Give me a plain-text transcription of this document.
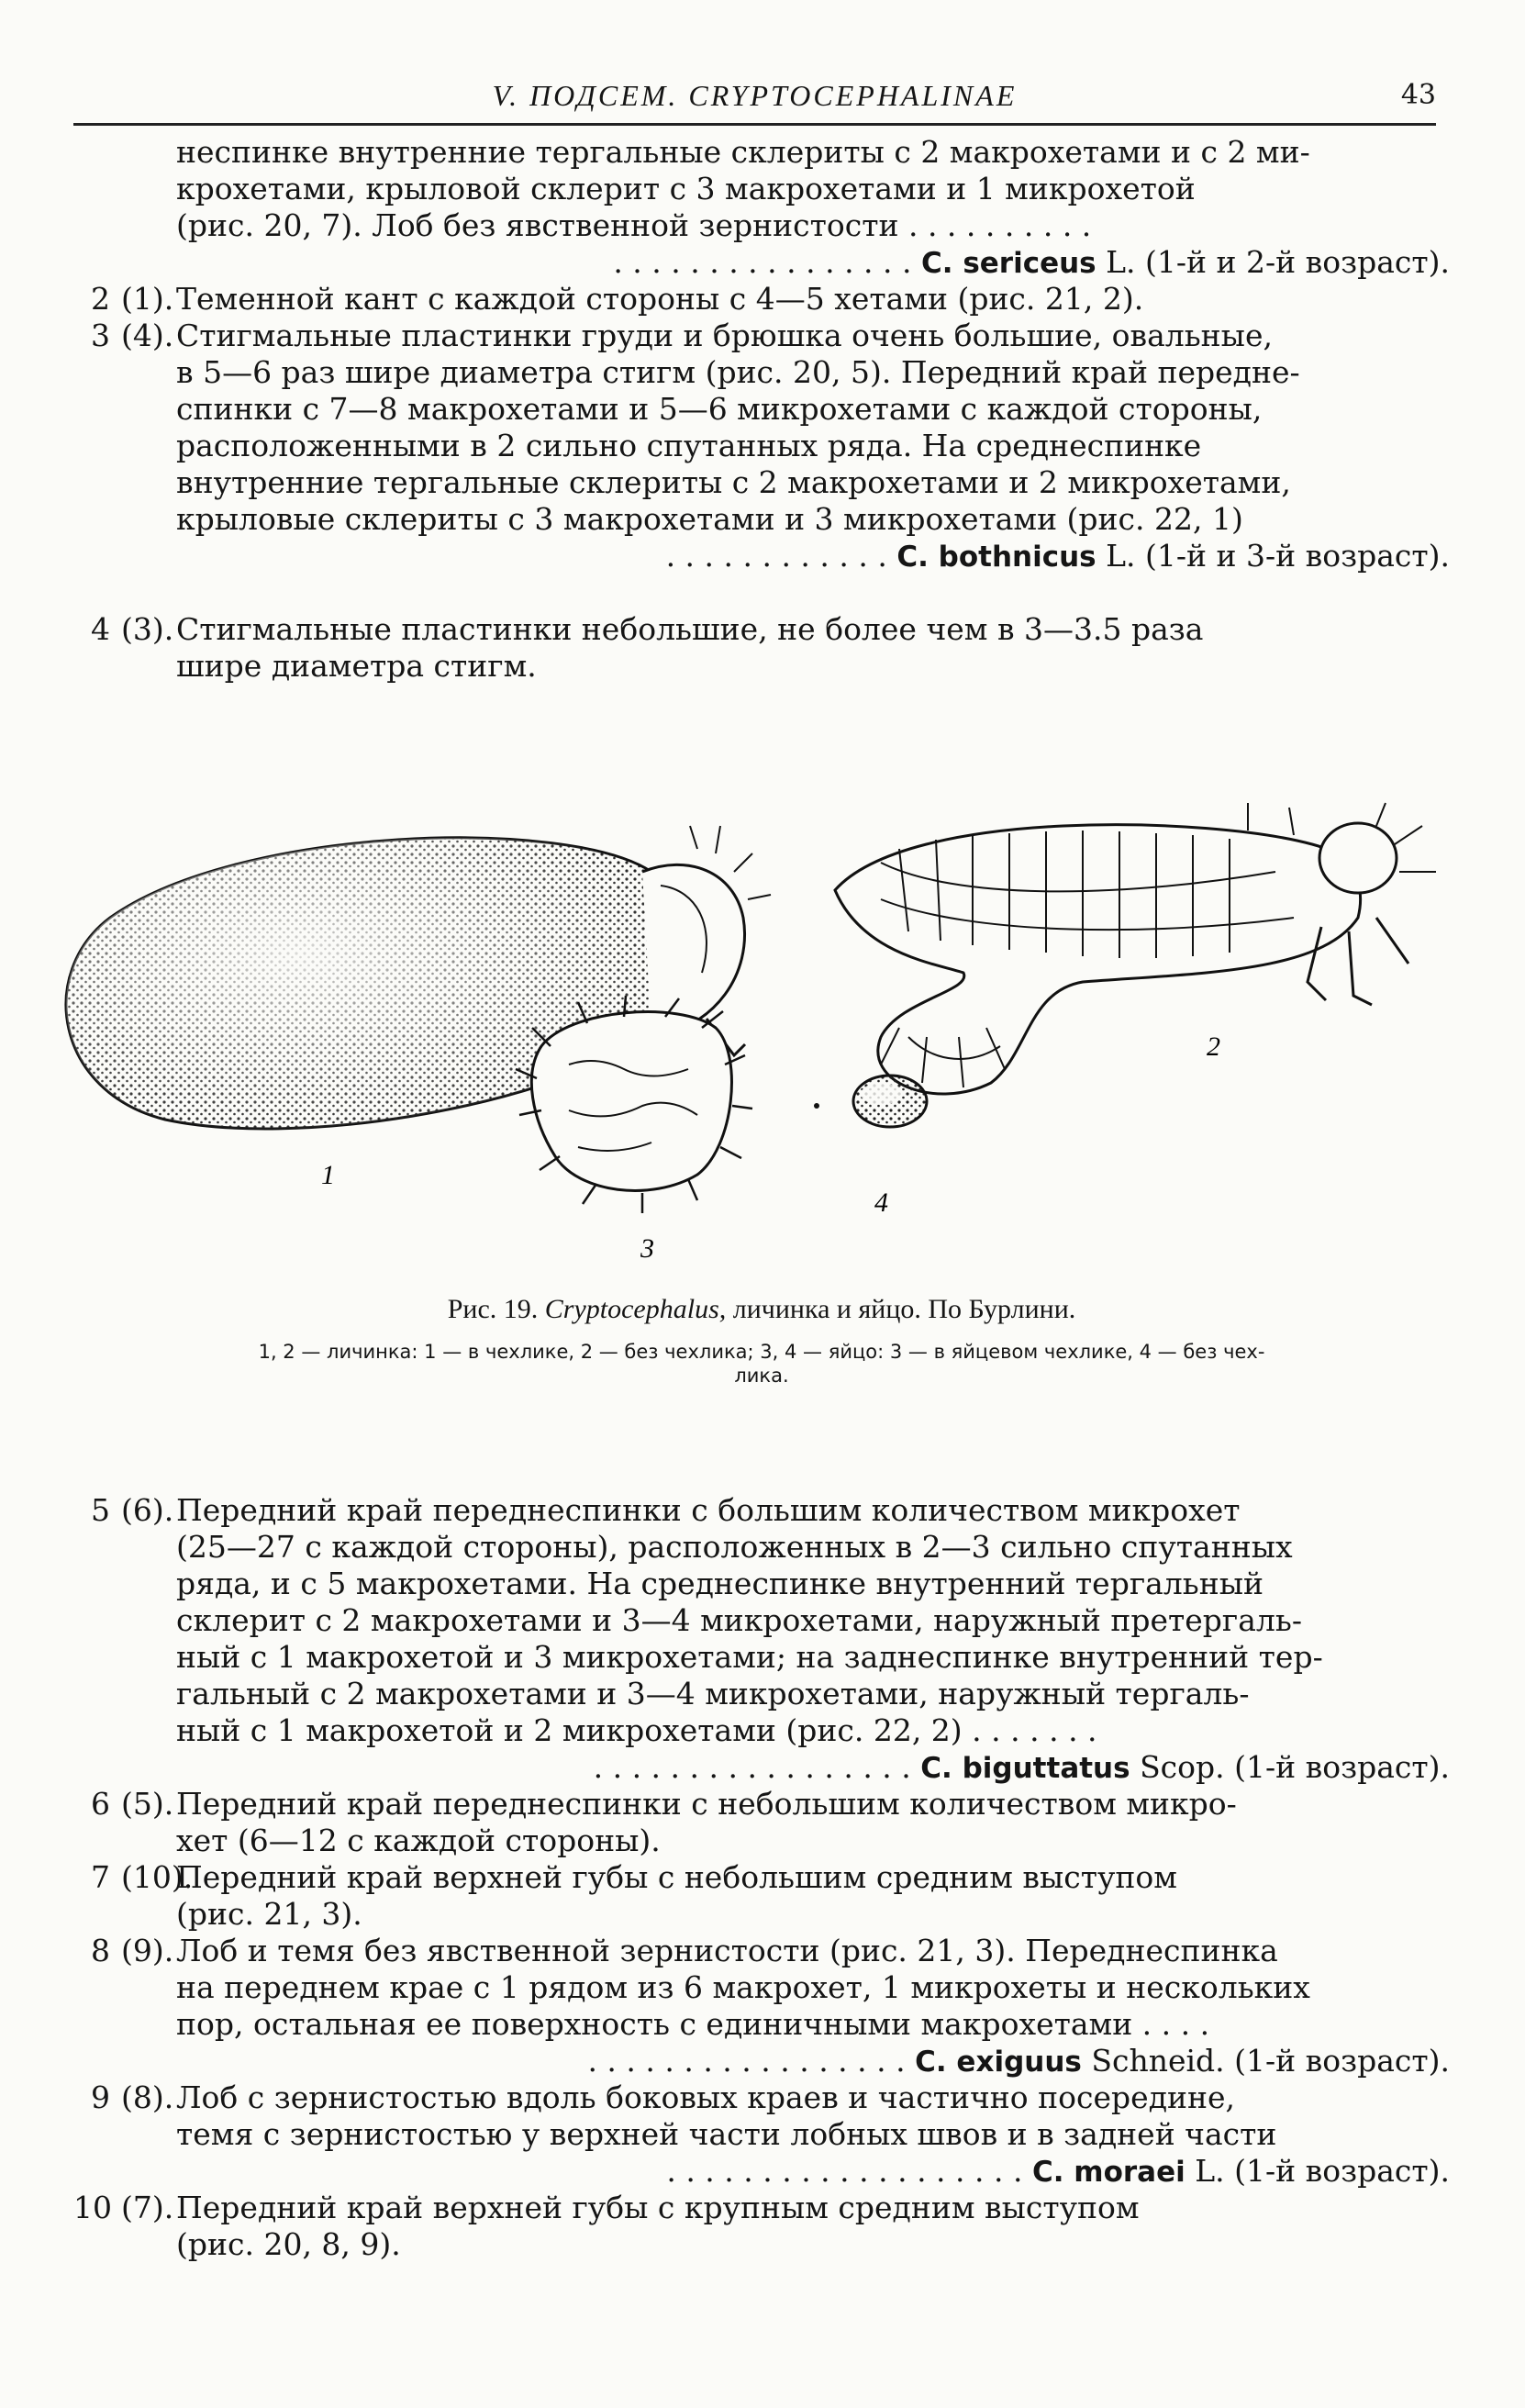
V. ПОДСЕМ. CRYPTOCEPHALINAE	43
неспинке внутренние тергальные склериты с 2 макрохетами и с 2 ми-
крохетами, крыловой склерит с 3 макрохетами и 1 микрохетой
(рис. 20, 7). Лоб без явственной зернистости . . . . . . . . . .
. . . . . . . . . . . . . . . . C. sericeus L. (1-й и 2-й возраст).
2 (1). Теменной кант с каждой стороны с 4—5 хетами (рис. 21, 2).
3 (4). Стигмальные пластинки груди и брюшка очень большие, овальные,
в 5—6 раз шире диаметра стигм (рис. 20, 5). Передний край передне-
спинки с 7—8 макрохетами и 5—6 микрохетами с каждой стороны,
расположенными в 2 сильно спутанных ряда. На среднеспинке
внутренние тергальные склериты с 2 макрохетами и 2 микрохетами,
крыловые склериты с 3 макрохетами и 3 микрохетами (рис. 22, 1)
. . . . . . . . . . . . C. bothnicus L. (1-й и 3-й возраст).
4 (3). Стигмальные пластинки небольшие, не более чем в 3—3.5 раза
шире диаметра стигм.
1
2
3
4
Рис. 19. Cryptocephalus, личинка и яйцо. По Бурлини.
1, 2 — личинка: 1 — в чехлике, 2 — без чехлика; 3, 4 — яйцо: 3 — в яйцевом чехлике, 4 — без чех-
лика.
5 (6). Передний край переднеспинки с большим количеством микрохет
(25—27 с каждой стороны), расположенных в 2—3 сильно спутанных
ряда, и с 5 макрохетами. На среднеспинке внутренний тергальный
склерит с 2 макрохетами и 3—4 микрохетами, наружный претергаль-
ный с 1 макрохетой и 3 микрохетами; на заднеспинке внутренний тер-
гальный с 2 макрохетами и 3—4 микрохетами, наружный тергаль-
ный с 1 макрохетой и 2 микрохетами (рис. 22, 2) . . . . . . .
. . . . . . . . . . . . . . . . . C. biguttatus Scop. (1-й возраст).
6 (5). Передний край переднеспинки с небольшим количеством микро-
хет (6—12 с каждой стороны).
7 (10).
Передний край верхней губы с небольшим средним выступом
(рис. 21, 3).
8 (9). Лоб и темя без явственной зернистости (рис. 21, 3). Переднеспинка
на переднем крае с 1 рядом из 6 макрохет, 1 микрохеты и нескольких
пор, остальная ее поверхность с единичными макрохетами . . . .
. . . . . . . . . . . . . . . . . C. exiguus Schneid. (1-й возраст).
9 (8). Лоб с зернистостью вдоль боковых краев и частично посередине,
темя с зернистостью у верхней части лобных швов и в задней части
. . . . . . . . . . . . . . . . . . . C. moraei L. (1-й возраст).
10 (7). Передний край верхней губы с крупным средним выступом
(рис. 20, 8, 9).
